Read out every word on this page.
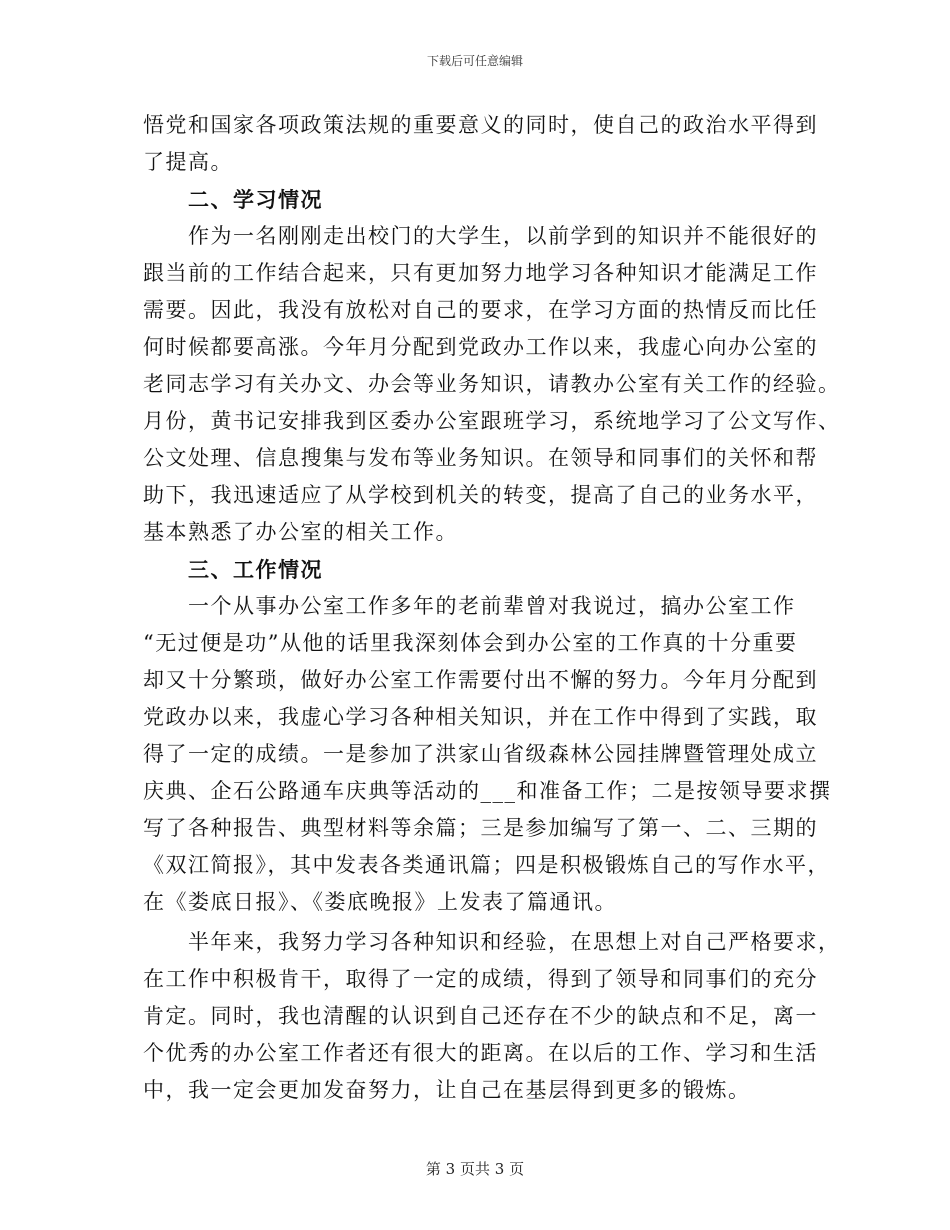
下载后可任意编辑
悟党和国家各项政策法规的重要意义的同时，使自己的政治水平得到
了提高。
二、学习情况
作为一名刚刚走出校门的大学生，以前学到的知识并不能很好的
跟当前的工作结合起来，只有更加努力地学习各种知识才能满足工作
需要。因此，我没有放松对自己的要求，在学习方面的热情反而比任
何时候都要高涨。今年月分配到党政办工作以来，我虚心向办公室的
老同志学习有关办文、办会等业务知识，请教办公室有关工作的经验。
月份，黄书记安排我到区委办公室跟班学习，系统地学习了公文写作、
公文处理、信息搜集与发布等业务知识。在领导和同事们的关怀和帮
助下，我迅速适应了从学校到机关的转变，提高了自己的业务水平，
基本熟悉了办公室的相关工作。
三、工作情况
一个从事办公室工作多年的老前辈曾对我说过，搞办公室工作
“无过便是功”从他的话里我深刻体会到办公室的工作真的十分重要
却又十分繁琐，做好办公室工作需要付出不懈的努力。今年月分配到
党政办以来，我虚心学习各种相关知识，并在工作中得到了实践，取
得了一定的成绩。一是参加了洪家山省级森林公园挂牌暨管理处成立
庆典、企石公路通车庆典等活动的___和准备工作；二是按领导要求撰
写了各种报告、典型材料等余篇；三是参加编写了第一、二、三期的
《双江简报》，其中发表各类通讯篇；四是积极锻炼自己的写作水平，
在《娄底日报》、《娄底晚报》上发表了篇通讯。
半年来，我努力学习各种知识和经验，在思想上对自己严格要求，
在工作中积极肯干，取得了一定的成绩，得到了领导和同事们的充分
肯定。同时，我也清醒的认识到自己还存在不少的缺点和不足，离一
个优秀的办公室工作者还有很大的距离。在以后的工作、学习和生活
中，我一定会更加发奋努力，让自己在基层得到更多的锻炼。
第 3 页共 3 页
